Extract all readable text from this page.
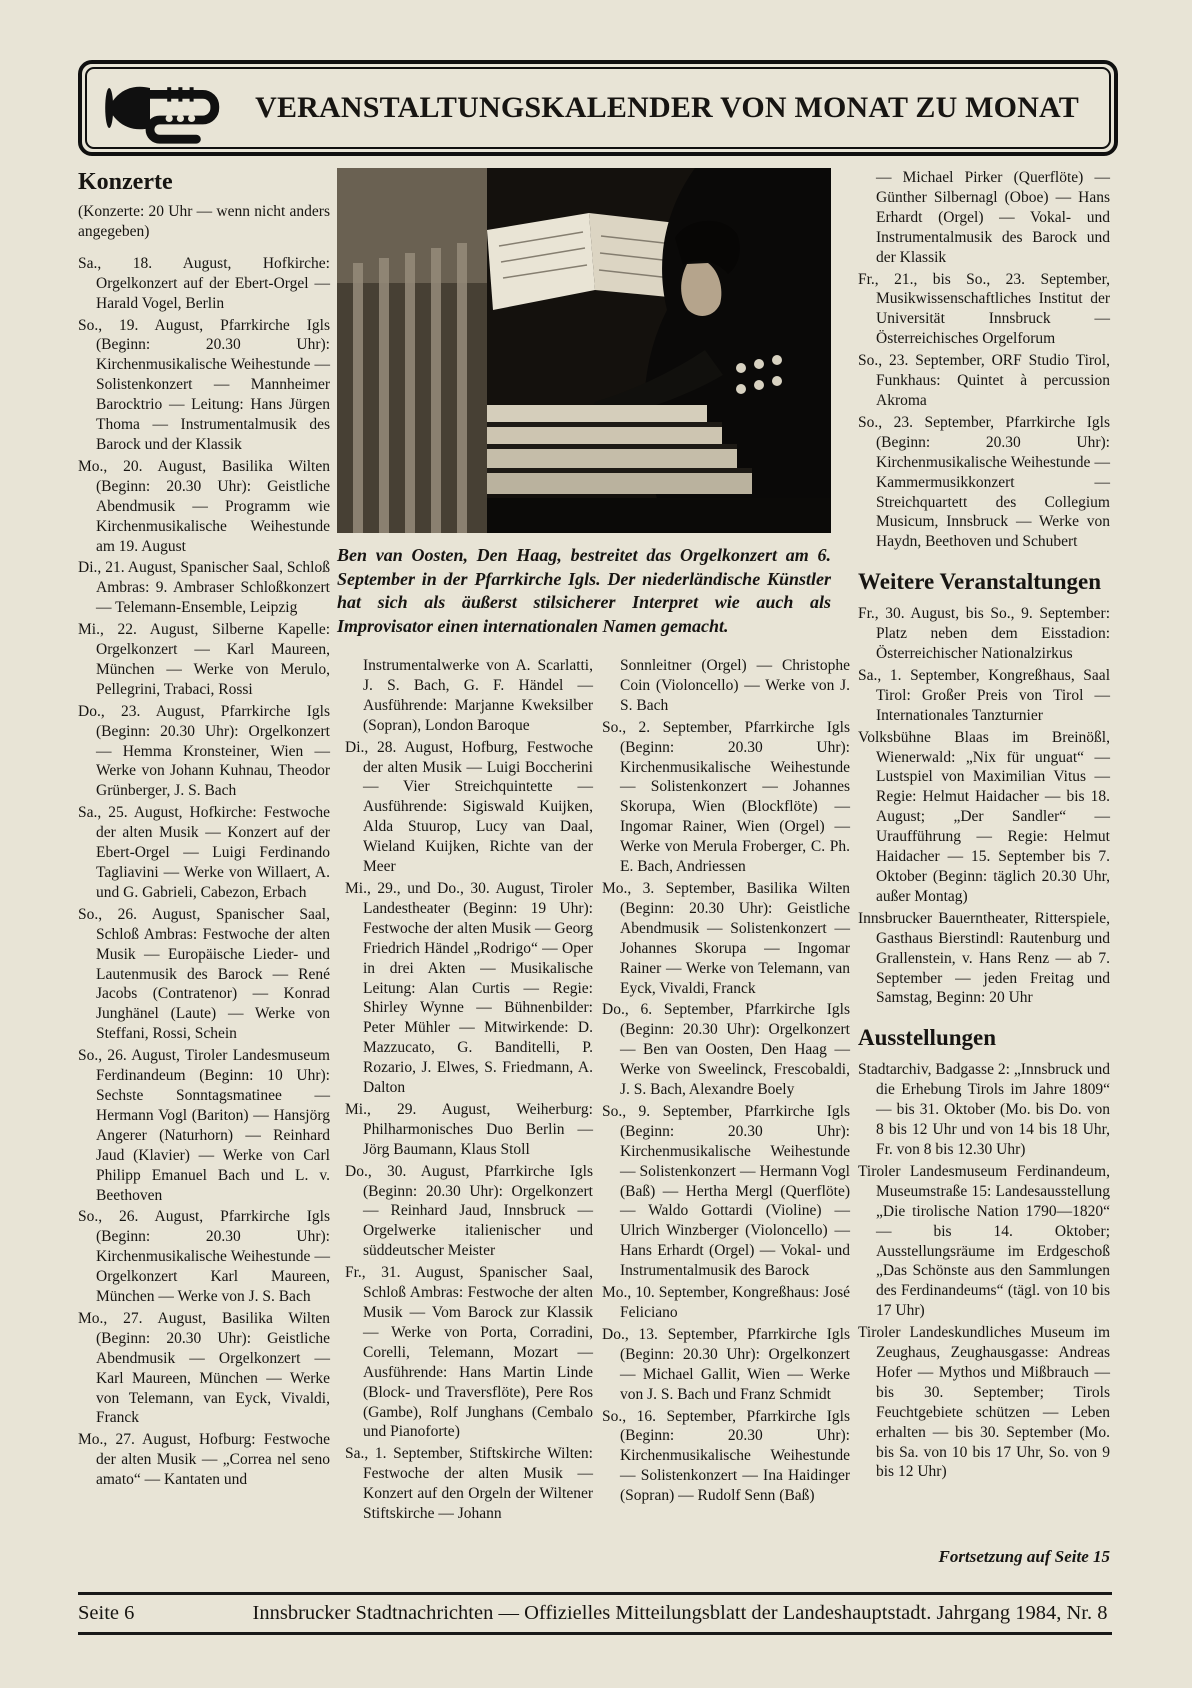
VERANSTALTUNGSKALENDER VON MONAT ZU MONAT
Konzerte

(Konzerte: 20 Uhr — wenn nicht anders angegeben)

Sa., 18. August, Hofkirche: Orgelkonzert auf der Ebert-Orgel — Harald Vogel, Berlin

So., 19. August, Pfarrkirche Igls (Beginn: 20.30 Uhr): Kirchenmusikalische Weihestunde — Solistenkonzert — Mannheimer Barocktrio — Leitung: Hans Jürgen Thoma — Instrumentalmusik des Barock und der Klassik

Mo., 20. August, Basilika Wilten (Beginn: 20.30 Uhr): Geistliche Abendmusik — Programm wie Kirchenmusikalische Weihestunde am 19. August

Di., 21. August, Spanischer Saal, Schloß Ambras: 9. Ambraser Schloßkonzert — Telemann-Ensemble, Leipzig

Mi., 22. August, Silberne Kapelle: Orgelkonzert — Karl Maureen, München — Werke von Merulo, Pellegrini, Trabaci, Rossi

Do., 23. August, Pfarrkirche Igls (Beginn: 20.30 Uhr): Orgelkonzert — Hemma Kronsteiner, Wien — Werke von Johann Kuhnau, Theodor Grünberger, J. S. Bach

Sa., 25. August, Hofkirche: Festwoche der alten Musik — Konzert auf der Ebert-Orgel — Luigi Ferdinando Tagliavini — Werke von Willaert, A. und G. Gabrieli, Cabezon, Erbach

So., 26. August, Spanischer Saal, Schloß Ambras: Festwoche der alten Musik — Europäische Lieder- und Lautenmusik des Barock — René Jacobs (Contratenor) — Konrad Junghänel (Laute) — Werke von Steffani, Rossi, Schein

So., 26. August, Tiroler Landesmuseum Ferdinandeum (Beginn: 10 Uhr): Sechste Sonntagsmatinee — Hermann Vogl (Bariton) — Hansjörg Angerer (Naturhorn) — Reinhard Jaud (Klavier) — Werke von Carl Philipp Emanuel Bach und L. v. Beethoven

So., 26. August, Pfarrkirche Igls (Beginn: 20.30 Uhr): Kirchenmusikalische Weihestunde — Orgelkonzert Karl Maureen, München — Werke von J. S. Bach

Mo., 27. August, Basilika Wilten (Beginn: 20.30 Uhr): Geistliche Abendmusik — Orgelkonzert — Karl Maureen, München — Werke von Telemann, van Eyck, Vivaldi, Franck

Mo., 27. August, Hofburg: Festwoche der alten Musik — „Correa nel seno amato“ — Kantaten und

Ben van Oosten, Den Haag, bestreitet das Orgelkonzert am 6. September in der Pfarrkirche Igls. Der niederländische Künstler hat sich als äußerst stilsicherer Interpret wie auch als Improvisator einen internationalen Namen gemacht.

Instrumentalwerke von A. Scarlatti, J. S. Bach, G. F. Händel — Ausführende: Marjanne Kweksilber (Sopran), London Baroque

Di., 28. August, Hofburg, Festwoche der alten Musik — Luigi Boccherini — Vier Streichquintette — Ausführende: Sigiswald Kuijken, Alda Stuurop, Lucy van Daal, Wieland Kuijken, Richte van der Meer

Mi., 29., und Do., 30. August, Tiroler Landestheater (Beginn: 19 Uhr): Festwoche der alten Musik — Georg Friedrich Händel „Rodrigo“ — Oper in drei Akten — Musikalische Leitung: Alan Curtis — Regie: Shirley Wynne — Bühnenbilder: Peter Mühler — Mitwirkende: D. Mazzucato, G. Banditelli, P. Rozario, J. Elwes, S. Friedmann, A. Dalton

Mi., 29. August, Weiherburg: Philharmonisches Duo Berlin — Jörg Baumann, Klaus Stoll

Do., 30. August, Pfarrkirche Igls (Beginn: 20.30 Uhr): Orgelkonzert — Reinhard Jaud, Innsbruck — Orgelwerke italienischer und süddeutscher Meister

Fr., 31. August, Spanischer Saal, Schloß Ambras: Festwoche der alten Musik — Vom Barock zur Klassik — Werke von Porta, Corradini, Corelli, Telemann, Mozart — Ausführende: Hans Martin Linde (Block- und Traversflöte), Pere Ros (Gambe), Rolf Junghans (Cembalo und Pianoforte)

Sa., 1. September, Stiftskirche Wilten: Festwoche der alten Musik — Konzert auf den Orgeln der Wiltener Stiftskirche — Johann

Sonnleitner (Orgel) — Christophe Coin (Violoncello) — Werke von J. S. Bach

So., 2. September, Pfarrkirche Igls (Beginn: 20.30 Uhr): Kirchenmusikalische Weihestunde — Solistenkonzert — Johannes Skorupa, Wien (Blockflöte) — Ingomar Rainer, Wien (Orgel) — Werke von Merula Froberger, C. Ph. E. Bach, Andriessen

Mo., 3. September, Basilika Wilten (Beginn: 20.30 Uhr): Geistliche Abendmusik — Solistenkonzert — Johannes Skorupa — Ingomar Rainer — Werke von Telemann, van Eyck, Vivaldi, Franck

Do., 6. September, Pfarrkirche Igls (Beginn: 20.30 Uhr): Orgelkonzert — Ben van Oosten, Den Haag — Werke von Sweelinck, Frescobaldi, J. S. Bach, Alexandre Boely

So., 9. September, Pfarrkirche Igls (Beginn: 20.30 Uhr): Kirchenmusikalische Weihestunde — Solistenkonzert — Hermann Vogl (Baß) — Hertha Mergl (Querflöte) — Waldo Gottardi (Violine) — Ulrich Winzberger (Violoncello) — Hans Erhardt (Orgel) — Vokal- und Instrumentalmusik des Barock

Mo., 10. September, Kongreßhaus: José Feliciano

Do., 13. September, Pfarrkirche Igls (Beginn: 20.30 Uhr): Orgelkonzert — Michael Gallit, Wien — Werke von J. S. Bach und Franz Schmidt

So., 16. September, Pfarrkirche Igls (Beginn: 20.30 Uhr): Kirchenmusikalische Weihestunde — Solistenkonzert — Ina Haidinger (Sopran) — Rudolf Senn (Baß)

— Michael Pirker (Querflöte) — Günther Silbernagl (Oboe) — Hans Erhardt (Orgel) — Vokal- und Instrumentalmusik des Barock und der Klassik

Fr., 21., bis So., 23. September, Musikwissenschaftliches Institut der Universität Innsbruck — Österreichisches Orgelforum

So., 23. September, ORF Studio Tirol, Funkhaus: Quintet à percussion Akroma

So., 23. September, Pfarrkirche Igls (Beginn: 20.30 Uhr): Kirchenmusikalische Weihestunde — Kammermusikkonzert — Streichquartett des Collegium Musicum, Innsbruck — Werke von Haydn, Beethoven und Schubert

Weitere Veranstaltungen

Fr., 30. August, bis So., 9. September: Platz neben dem Eisstadion: Österreichischer Nationalzirkus

Sa., 1. September, Kongreßhaus, Saal Tirol: Großer Preis von Tirol — Internationales Tanzturnier

Volksbühne Blaas im Breinößl, Wienerwald: „Nix für unguat“ — Lustspiel von Maximilian Vitus — Regie: Helmut Haidacher — bis 18. August; „Der Sandler“ — Uraufführung — Regie: Helmut Haidacher — 15. September bis 7. Oktober (Beginn: täglich 20.30 Uhr, außer Montag)

Innsbrucker Bauerntheater, Ritterspiele, Gasthaus Bierstindl: Rautenburg und Grallenstein, v. Hans Renz — ab 7. September — jeden Freitag und Samstag, Beginn: 20 Uhr

Ausstellungen

Stadtarchiv, Badgasse 2: „Innsbruck und die Erhebung Tirols im Jahre 1809“ — bis 31. Oktober (Mo. bis Do. von 8 bis 12 Uhr und von 14 bis 18 Uhr, Fr. von 8 bis 12.30 Uhr)

Tiroler Landesmuseum Ferdinandeum, Museumstraße 15: Landesausstellung „Die tirolische Nation 1790—1820“ — bis 14. Oktober; Ausstellungsräume im Erdgeschoß „Das Schönste aus den Sammlungen des Ferdinandeums“ (tägl. von 10 bis 17 Uhr)

Tiroler Landeskundliches Museum im Zeughaus, Zeughausgasse: Andreas Hofer — Mythos und Mißbrauch — bis 30. September; Tirols Feuchtgebiete schützen — Leben erhalten — bis 30. September (Mo. bis Sa. von 10 bis 17 Uhr, So. von 9 bis 12 Uhr)

Fortsetzung auf Seite 15

Seite 6	Innsbrucker Stadtnachrichten — Offizielles Mitteilungsblatt der Landeshauptstadt. Jahrgang 1984, Nr. 8
